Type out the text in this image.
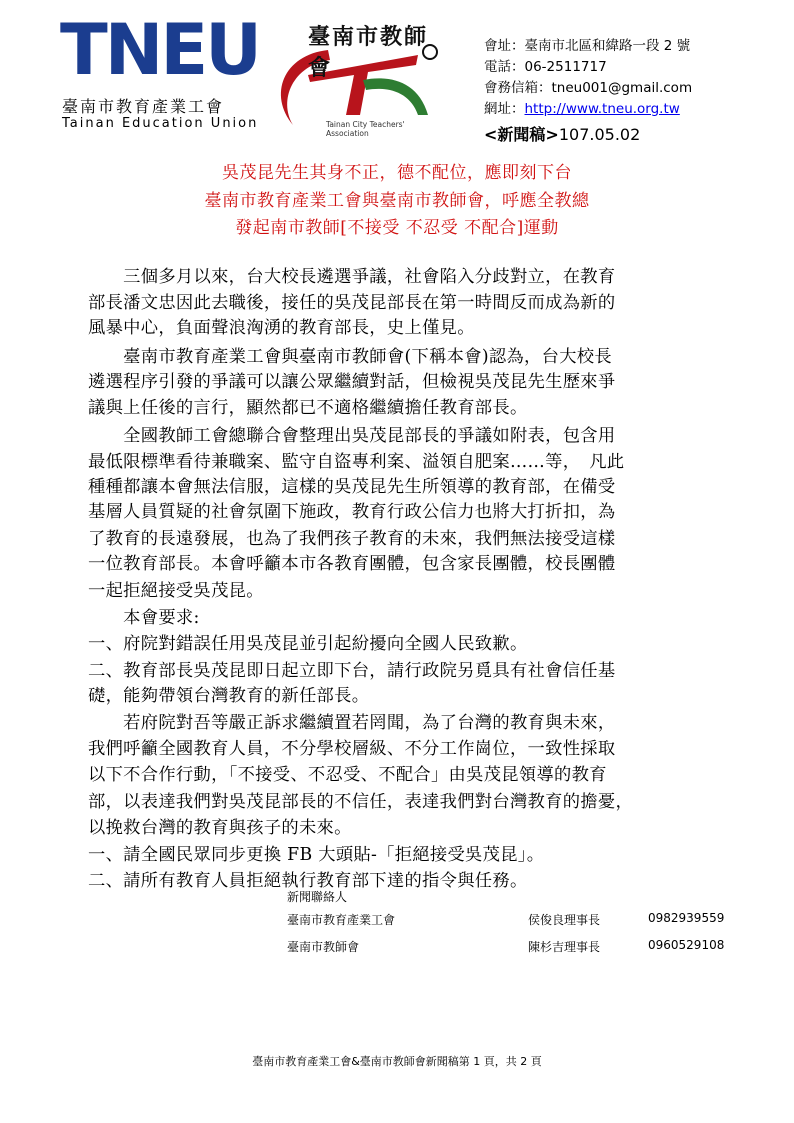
TNEU
臺南市教育產業工會
Tainan Education Union
臺南市教師會
Tainan City Teachers' Association
會址：臺南市北區和緯路一段 2 號
電話：06-2511717
會務信箱：tneu001@gmail.com
網址：http://www.tneu.org.tw
<新聞稿>107.05.02
吳茂昆先生其身不正，德不配位，應即刻下台
臺南市教育產業工會與臺南市教師會，呼應全教總
發起南市教師[不接受 不忍受 不配合]運動
　　三個多月以來，台大校長遴選爭議，社會陷入分歧對立，在教育
部長潘文忠因此去職後，接任的吳茂昆部長在第一時間反而成為新的
風暴中心，負面聲浪洶湧的教育部長，史上僅見。
　　臺南市教育產業工會與臺南市教師會(下稱本會)認為，台大校長
遴選程序引發的爭議可以讓公眾繼續對話，但檢視吳茂昆先生歷來爭
議與上任後的言行，顯然都已不適格繼續擔任教育部長。
　　全國教師工會總聯合會整理出吳茂昆部長的爭議如附表，包含用
最低限標準看待兼職案、監守自盜專利案、溢領自肥案……等，　凡此
種種都讓本會無法信服，這樣的吳茂昆先生所領導的教育部，在備受
基層人員質疑的社會氛圍下施政，教育行政公信力也將大打折扣，為
了教育的長遠發展，也為了我們孩子教育的未來，我們無法接受這樣
一位教育部長。本會呼籲本市各教育團體，包含家長團體，校長團體
一起拒絕接受吳茂昆。
　　本會要求:
一、府院對錯誤任用吳茂昆並引起紛擾向全國人民致歉。
二、教育部長吳茂昆即日起立即下台，請行政院另覓具有社會信任基
礎，能夠帶領台灣教育的新任部長。
　　若府院對吾等嚴正訴求繼續置若罔聞，為了台灣的教育與未來，
我們呼籲全國教育人員，不分學校層級、不分工作崗位，一致性採取
以下不合作行動，「不接受、不忍受、不配合」由吳茂昆領導的教育
部，以表達我們對吳茂昆部長的不信任，表達我們對台灣教育的擔憂，
以挽救台灣的教育與孩子的未來。
一、請全國民眾同步更換 FB 大頭貼-「拒絕接受吳茂昆」。
二、請所有教育人員拒絕執行教育部下達的指令與任務。
新聞聯絡人
臺南市教育產業工會	侯俊良理事長	0982939559
臺南市教師會	陳杉吉理事長	0960529108
臺南市教育產業工會&臺南市教師會新聞稿第 1 頁，共 2 頁
